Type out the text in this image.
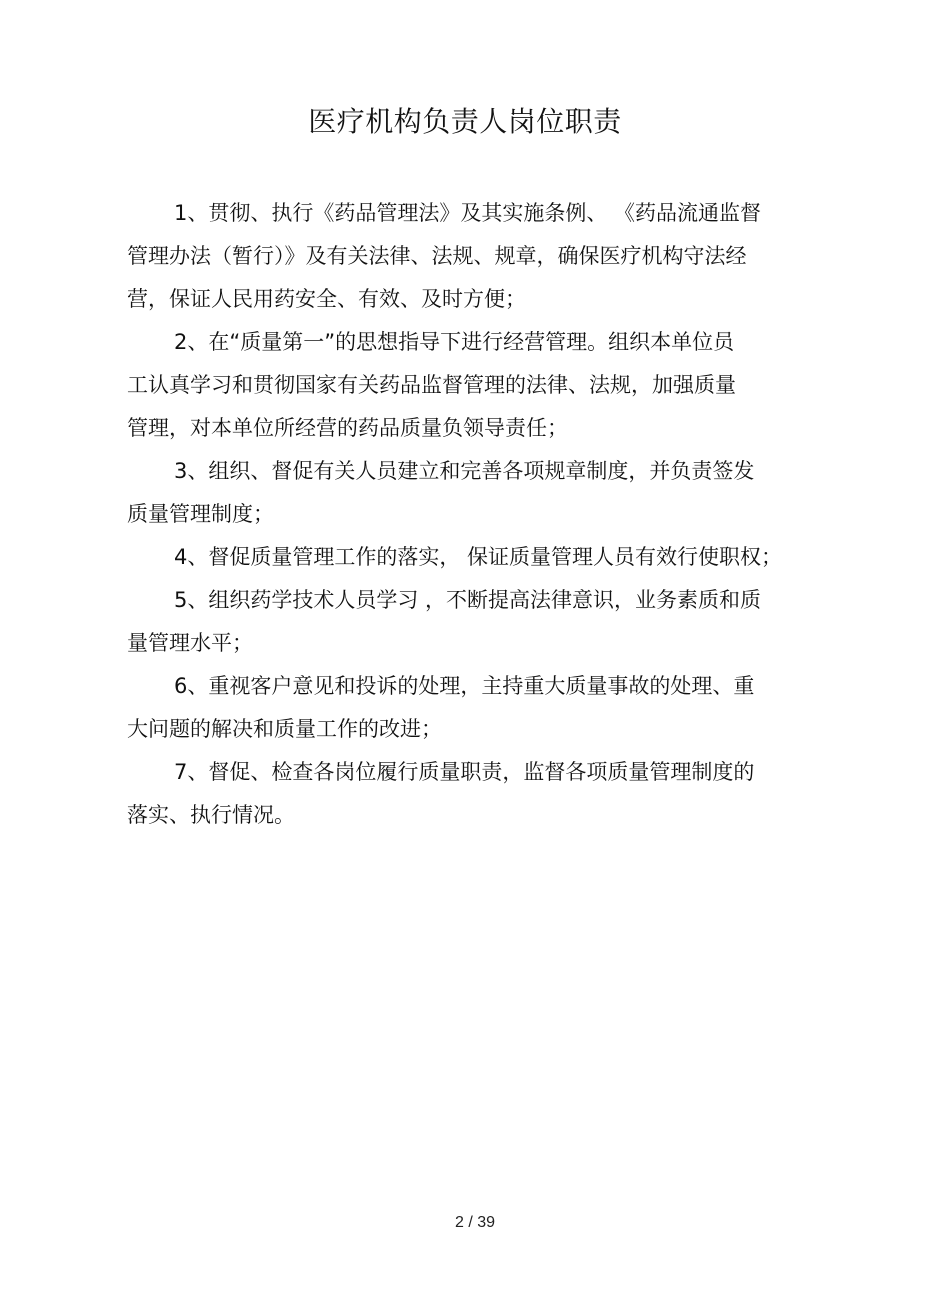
医疗机构负责人岗位职责
1、贯彻、执行《药品管理法》及其实施条例、 《药品流通监督
管理办法（暂行）》及有关法律、法规、规章，确保医疗机构守法经
营，保证人民用药安全、有效、及时方便；
2、在“质量第一”的思想指导下进行经营管理。组织本单位员
工认真学习和贯彻国家有关药品监督管理的法律、法规，加强质量
管理，对本单位所经营的药品质量负领导责任；
3、组织、督促有关人员建立和完善各项规章制度，并负责签发
质量管理制度；
4、督促质量管理工作的落实， 保证质量管理人员有效行使职权；
5、组织药学技术人员学习 ，不断提高法律意识，业务素质和质
量管理水平；
6、重视客户意见和投诉的处理，主持重大质量事故的处理、重
大问题的解决和质量工作的改进；
7、督促、检查各岗位履行质量职责，监督各项质量管理制度的
落实、执行情况。
2 / 39
